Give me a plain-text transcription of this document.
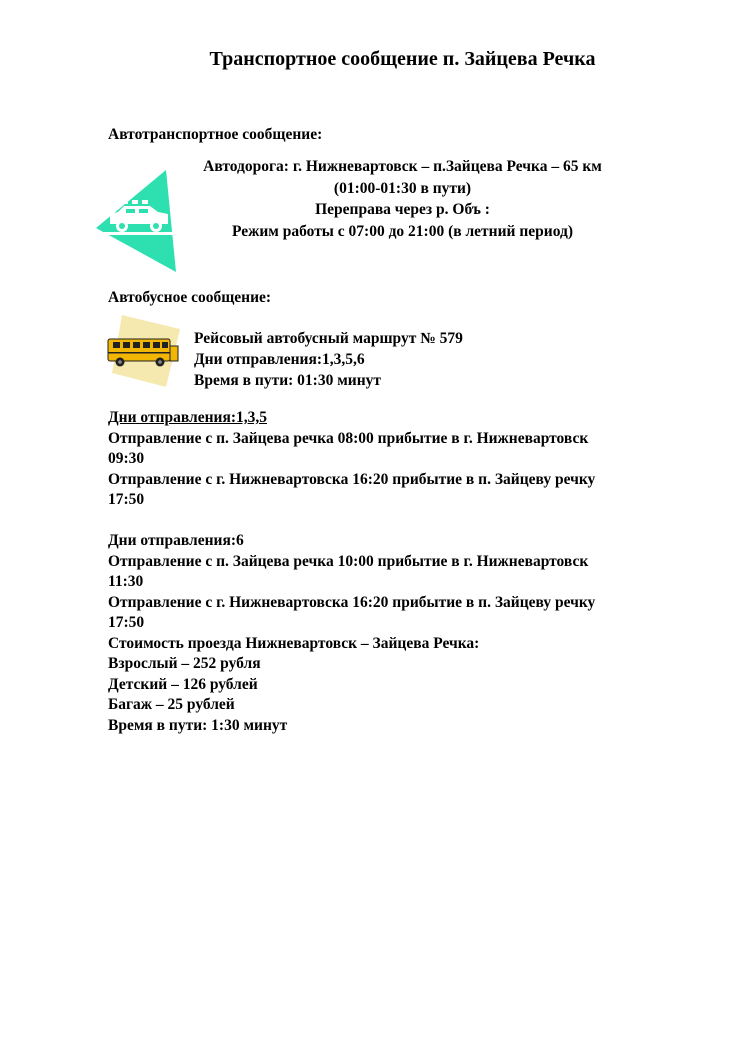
Транспортное сообщение п. Зайцева Речка
Автотранспортное сообщение:
Автодорога: г. Нижневартовск – п.Зайцева Речка – 65 км
(01:00-01:30 в пути)
Переправа через р. Объ :
Режим работы с 07:00 до 21:00 (в летний период)
Автобусное сообщение:
Рейсовый автобусный маршрут № 579
Дни отправления:1,3,5,6
Время в пути: 01:30 минут
Дни отправления:1,3,5
Отправление с п. Зайцева речка 08:00 прибытие в г. Нижневартовск
09:30
Отправление с г. Нижневартовска 16:20 прибытие в п. Зайцеву речку
17:50
Дни отправления:6
Отправление с п. Зайцева речка 10:00 прибытие в г. Нижневартовск
11:30
Отправление с г. Нижневартовска 16:20 прибытие в п. Зайцеву речку
17:50
Стоимость проезда Нижневартовск – Зайцева Речка:
Взрослый – 252 рубля
Детский – 126 рублей
Багаж – 25 рублей
Время в пути: 1:30 минут
